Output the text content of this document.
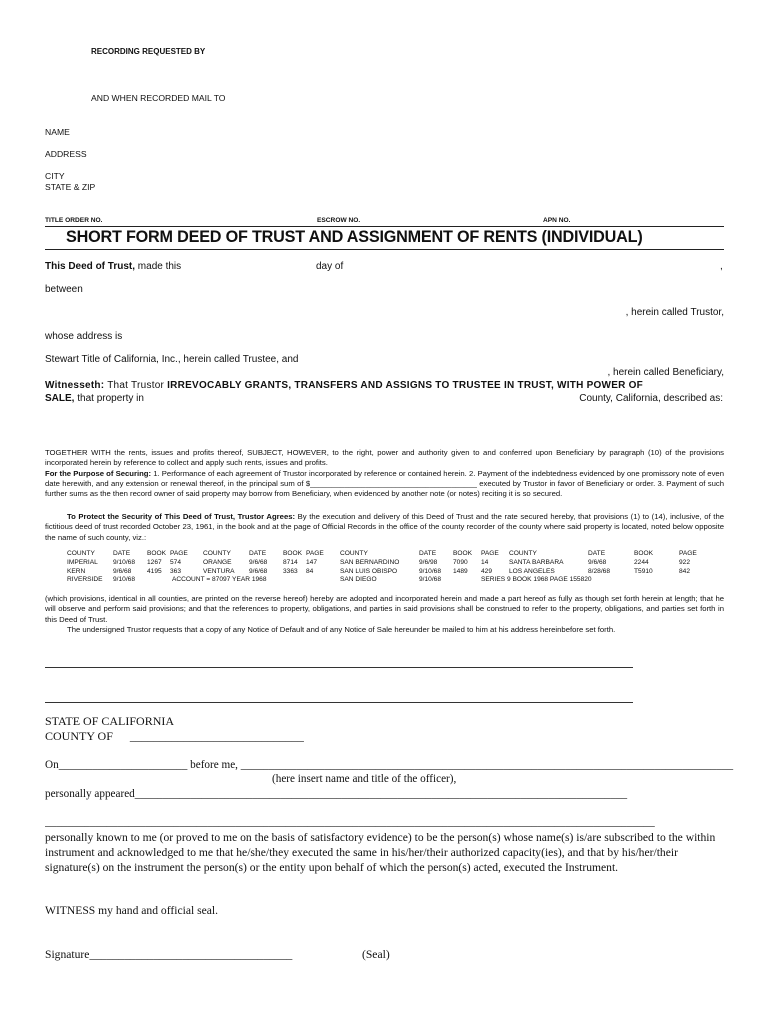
RECORDING REQUESTED BY
AND WHEN RECORDED MAIL TO
NAME
ADDRESS
CITY
STATE & ZIP
TITLE ORDER NO.	ESCROW NO.	APN NO.
SHORT FORM DEED OF TRUST AND ASSIGNMENT OF RENTS (INDIVIDUAL)
This Deed of Trust, made this	day of	,
between
, herein called Trustor,
whose address is
Stewart Title of California, Inc., herein called Trustee, and
, herein called Beneficiary,
Witnesseth: That Trustor IRREVOCABLY GRANTS, TRANSFERS AND ASSIGNS TO TRUSTEE IN TRUST, WITH POWER OF
SALE, that property in	County, California, described as:
TOGETHER WITH the rents, issues and profits thereof, SUBJECT, HOWEVER, to the right, power and authority given to and conferred upon Beneficiary by paragraph (10) of the provisions incorporated herein by reference to collect and apply such rents, issues and profits.
For the Purpose of Securing: 1. Performance of each agreement of Trustor incorporated by reference or contained herein. 2. Payment of the indebtedness evidenced by one promissory note of even date herewith, and any extension or renewal thereof, in the principal sum of $_______________________________________ executed by Trustor in favor of Beneficiary or order. 3. Payment of such further sums as the then record owner of said property may borrow from Beneficiary, when evidenced by another note (or notes) reciting it is so secured.
To Protect the Security of This Deed of Trust, Trustor Agrees: By the execution and delivery of this Deed of Trust and the rate secured hereby, that provisions (1) to (14), inclusive, of the fictitious deed of trust recorded October 23, 1961, in the book and at the page of Official Records in the office of the county recorder of the county where said property is located, noted below opposite the name of such county, viz.:
COUNTY	DATE	BOOK PAGE
IMPERIAL 9/10/68 1267 574
KERN	9/6/68 4195 363
RIVERSIDE 9/10/68
COUNTY	DATE	BOOK PAGE
ORANGE	9/6/68 8714 147
VENTURA 9/6/68 3363 84
ACCOUNT = 87097 YEAR 1968
COUNTY	DATE	BOOK PAGE
SAN BERNARDINO	9/6/98 7090 14
SAN LUIS OBISPO	9/10/68 1489 429
SAN DIEGO	9/10/68
COUNTY	DATE	BOOK	PAGE
SANTA BARBARA	9/6/68	2244	922
LOS ANGELES	8/28/68	T5910	842
SERIES 9 BOOK 1968 PAGE 155820
(which provisions, identical in all counties, are printed on the reverse hereof) hereby are adopted and incorporated herein and made a part hereof as fully as though set forth herein at length; that he will observe and perform said provisions; and that the references to property, obligations, and parties in said provisions shall be construed to refer to the property, obligations, and parties set forth in this Deed of Trust.
The undersigned Trustor requests that a copy of any Notice of Default and of any Notice of Sale hereunder be mailed to him at his address hereinbefore set forth.
STATE OF CALIFORNIA
COUNTY OF _____________________________
On_______________________ before me, ________________________________________________________________________________________
(here insert name and title of the officer),
personally appeared________________________________________________________________________________________
_____________________________________________________________________________________________________________
personally known to me (or proved to me on the basis of satisfactory evidence) to be the person(s) whose name(s) is/are subscribed to the within instrument and acknowledged to me that he/she/they executed the same in his/her/their authorized capacity(ies), and that by his/her/their signature(s) on the instrument the person(s) or the entity upon behalf of which the person(s) acted, executed the Instrument.
WITNESS my hand and official seal.
Signature___________________________________	(Seal)
